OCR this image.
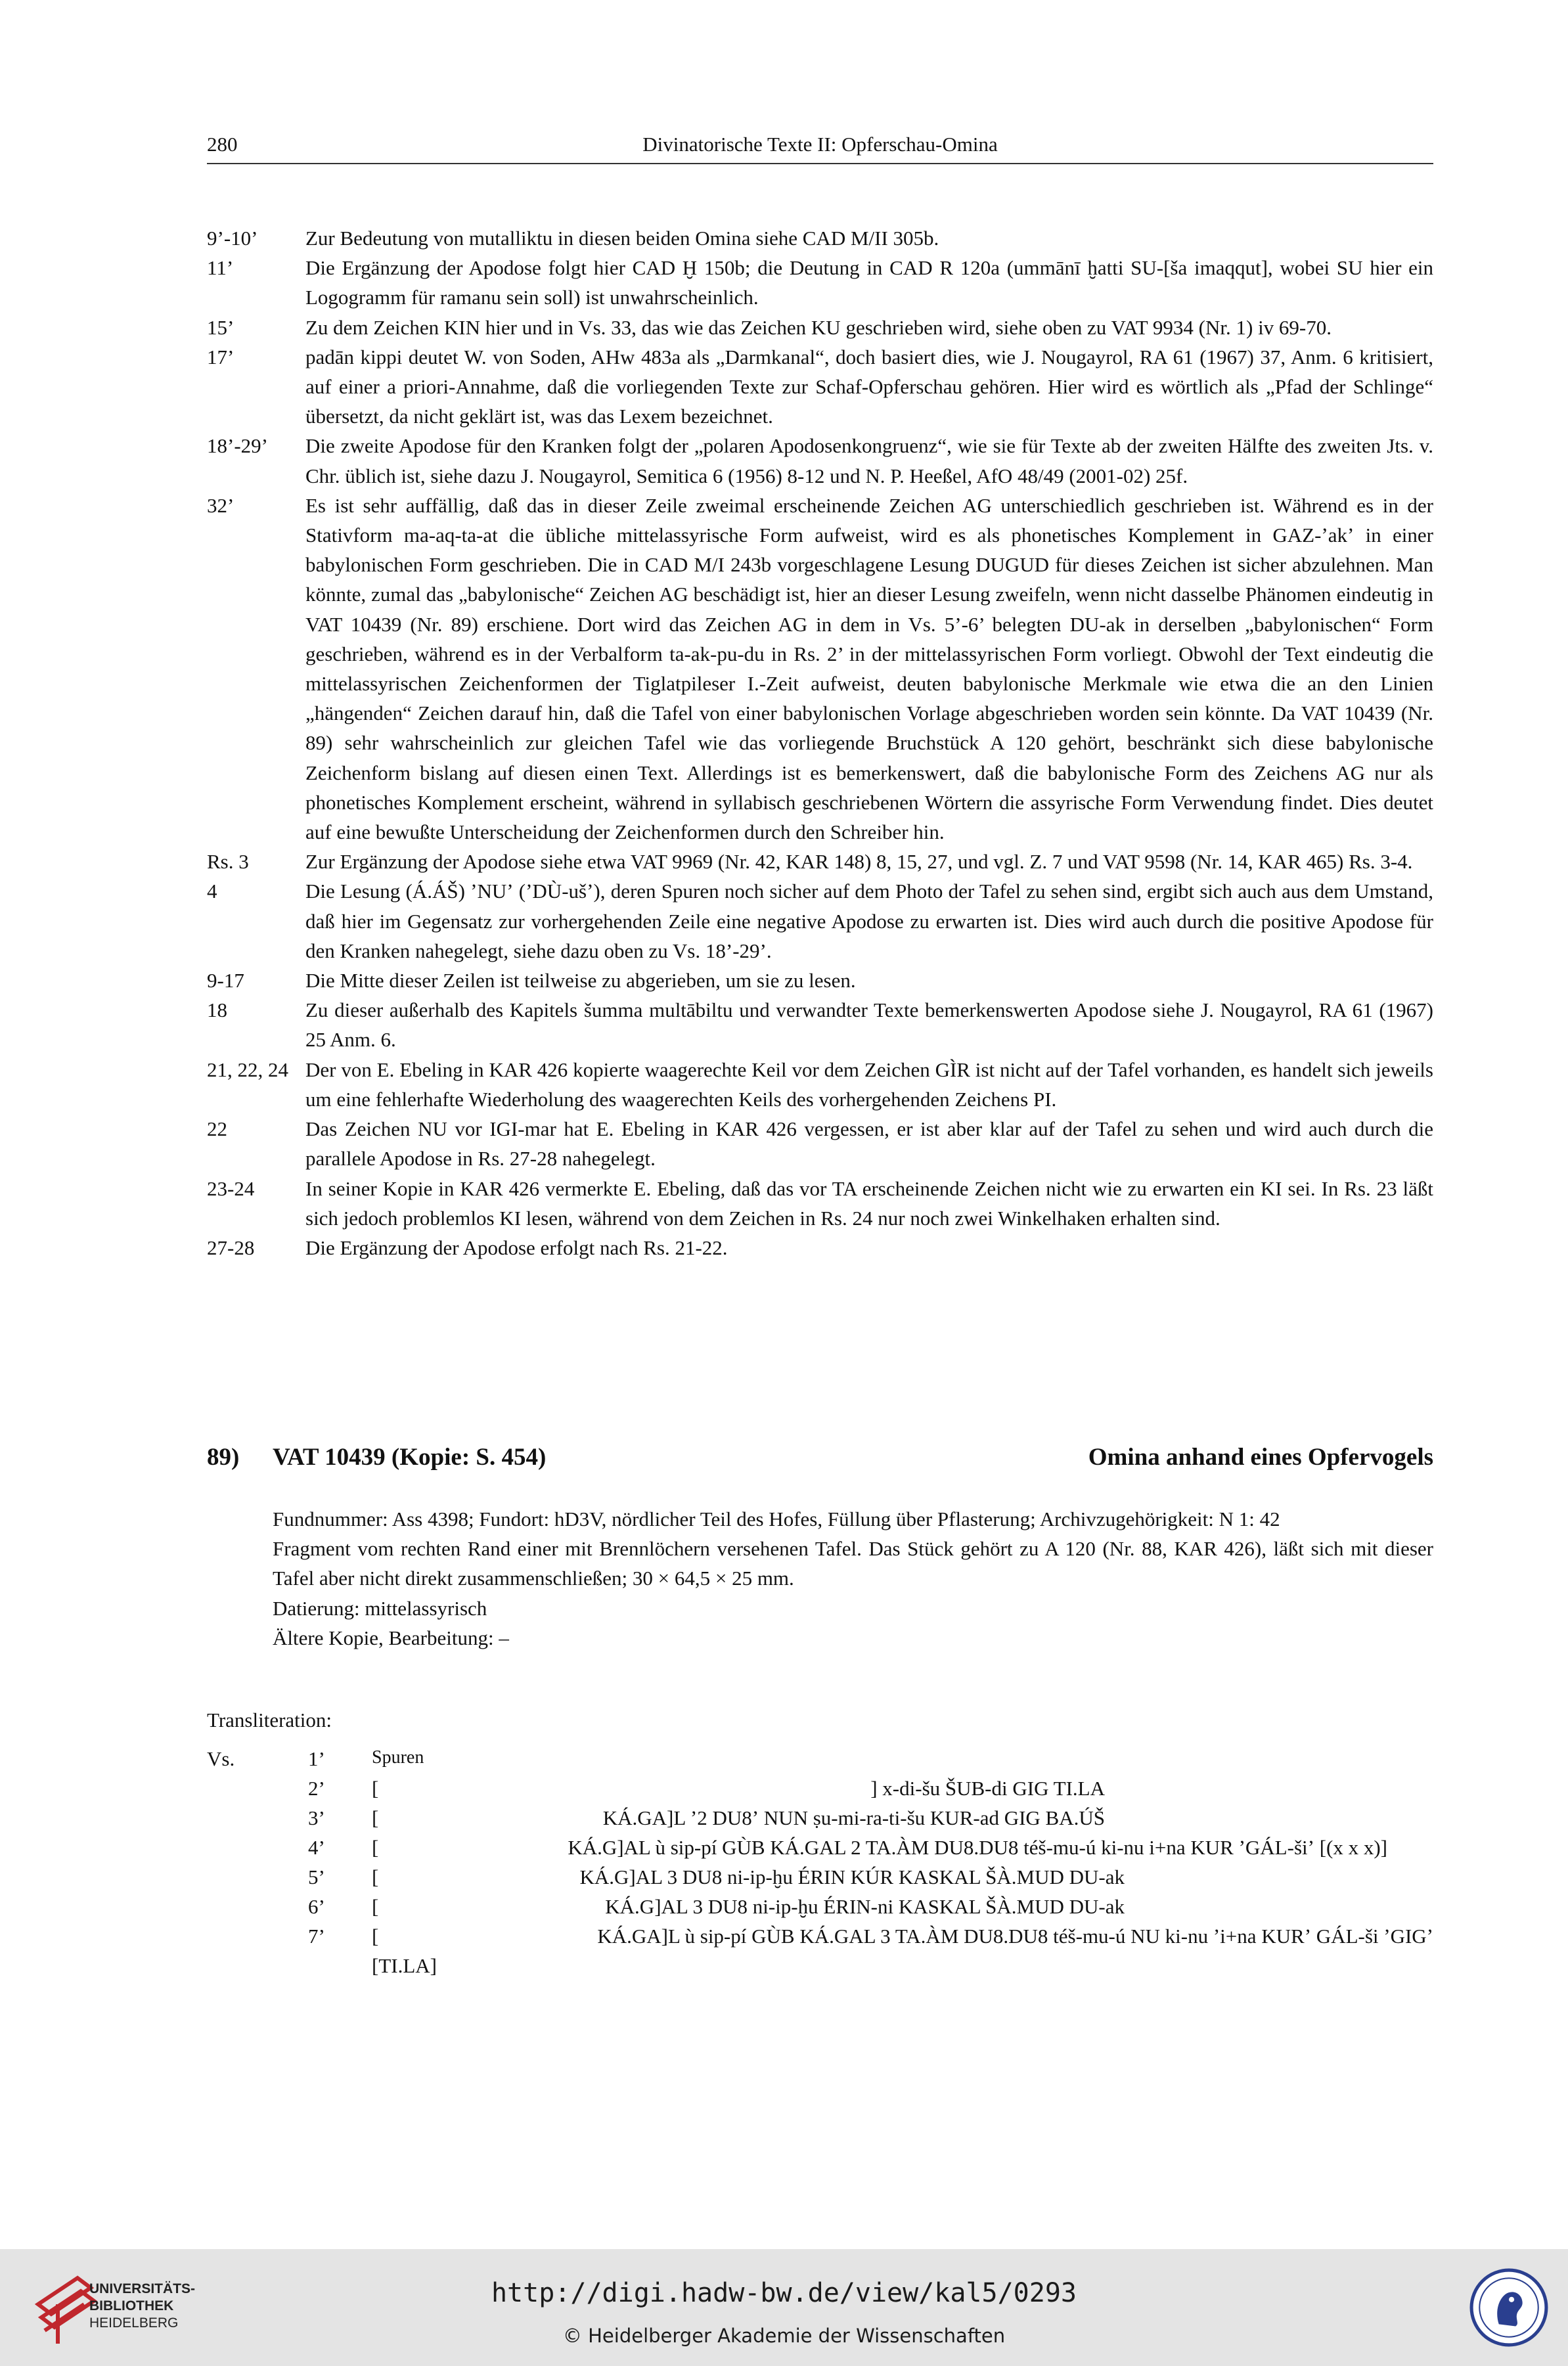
280	Divinatorische Texte II: Opferschau-Omina
9’-10’ Zur Bedeutung von mutalliktu in diesen beiden Omina siehe CAD M/II 305b.
11’	Die Ergänzung der Apodose folgt hier CAD Ḫ 150b; die Deutung in CAD R 120a (ummānī ḫatti SU-[ša imaqqut], wobei SU hier ein Logogramm für ramanu sein soll) ist unwahrscheinlich.
15’	Zu dem Zeichen KIN hier und in Vs. 33, das wie das Zeichen KU geschrieben wird, siehe oben zu VAT 9934 (Nr. 1) iv 69-70.
17’	padān kippi deutet W. von Soden, AHw 483a als „Darmkanal“, doch basiert dies, wie J. Nougayrol, RA 61 (1967) 37, Anm. 6 kritisiert, auf einer a priori-Annahme, daß die vorliegenden Texte zur Schaf-Opferschau gehören. Hier wird es wörtlich als „Pfad der Schlinge“ übersetzt, da nicht geklärt ist, was das Lexem bezeichnet.
18’-29’ Die zweite Apodose für den Kranken folgt der „polaren Apodosenkongruenz“, wie sie für Texte ab der zweiten Hälfte des zweiten Jts. v. Chr. üblich ist, siehe dazu J. Nougayrol, Semitica 6 (1956) 8-12 und N. P. Heeßel, AfO 48/49 (2001-02) 25f.
32’	Es ist sehr auffällig, daß das in dieser Zeile zweimal erscheinende Zeichen AG unterschiedlich geschrieben ist. Während es in der Stativform ma-aq-ta-at die übliche mittelassyrische Form aufweist, wird es als phonetisches Komplement in GAZ-ʼakʼ in einer babylonischen Form geschrieben. Die in CAD M/I 243b vorgeschlagene Lesung DUGUD für dieses Zeichen ist sicher abzulehnen. Man könnte, zumal das „babylonische“ Zeichen AG beschädigt ist, hier an dieser Lesung zweifeln, wenn nicht dasselbe Phänomen eindeutig in VAT 10439 (Nr. 89) erschiene. Dort wird das Zeichen AG in dem in Vs. 5’-6’ belegten DU-ak in derselben „babylonischen“ Form geschrieben, während es in der Verbalform ta-ak-pu-du in Rs. 2’ in der mittelassyrischen Form vorliegt. Obwohl der Text eindeutig die mittelassyrischen Zeichenformen der Tiglatpileser I.-Zeit aufweist, deuten babylonische Merkmale wie etwa die an den Linien „hängenden“ Zeichen darauf hin, daß die Tafel von einer babylonischen Vorlage abgeschrieben worden sein könnte. Da VAT 10439 (Nr. 89) sehr wahrscheinlich zur gleichen Tafel wie das vorliegende Bruchstück A 120 gehört, beschränkt sich diese babylonische Zeichenform bislang auf diesen einen Text. Allerdings ist es bemerkenswert, daß die babylonische Form des Zeichens AG nur als phonetisches Komplement erscheint, während in syllabisch geschriebenen Wörtern die assyrische Form Verwendung findet. Dies deutet auf eine bewußte Unterscheidung der Zeichenformen durch den Schreiber hin.
Rs. 3	Zur Ergänzung der Apodose siehe etwa VAT 9969 (Nr. 42, KAR 148) 8, 15, 27, und vgl. Z. 7 und VAT 9598 (Nr. 14, KAR 465) Rs. 3-4.
4	Die Lesung (Á.ÁŠ) ʼNUʼ (ʼDÙ-ušʼ), deren Spuren noch sicher auf dem Photo der Tafel zu sehen sind, ergibt sich auch aus dem Umstand, daß hier im Gegensatz zur vorhergehenden Zeile eine negative Apodose zu erwarten ist. Dies wird auch durch die positive Apodose für den Kranken nahegelegt, siehe dazu oben zu Vs. 18’-29’.
9-17	Die Mitte dieser Zeilen ist teilweise zu abgerieben, um sie zu lesen.
18	Zu dieser außerhalb des Kapitels šumma multābiltu und verwandter Texte bemerkenswerten Apodose siehe J. Nougayrol, RA 61 (1967) 25 Anm. 6.
21, 22, 24 Der von E. Ebeling in KAR 426 kopierte waagerechte Keil vor dem Zeichen GÌR ist nicht auf der Tafel vorhanden, es handelt sich jeweils um eine fehlerhafte Wiederholung des waagerechten Keils des vorhergehenden Zeichens PI.
22	Das Zeichen NU vor IGI-mar hat E. Ebeling in KAR 426 vergessen, er ist aber klar auf der Tafel zu sehen und wird auch durch die parallele Apodose in Rs. 27-28 nahegelegt.
23-24	In seiner Kopie in KAR 426 vermerkte E. Ebeling, daß das vor TA erscheinende Zeichen nicht wie zu erwarten ein KI sei. In Rs. 23 läßt sich jedoch problemlos KI lesen, während von dem Zeichen in Rs. 24 nur noch zwei Winkelhaken erhalten sind.
27-28	Die Ergänzung der Apodose erfolgt nach Rs. 21-22.
89) VAT 10439 (Kopie: S. 454)	Omina anhand eines Opfervogels
Fundnummer: Ass 4398; Fundort: hD3V, nördlicher Teil des Hofes, Füllung über Pflasterung; Archivzugehörigkeit: N 1: 42
Fragment vom rechten Rand einer mit Brennlöchern versehenen Tafel. Das Stück gehört zu A 120 (Nr. 88, KAR 426), läßt sich mit dieser Tafel aber nicht direkt zusammenschließen; 30 × 64,5 × 25 mm.
Datierung: mittelassyrisch
Ältere Kopie, Bearbeitung: –
Transliteration:
Vs.	1’	Spuren
2’ [	] x-di-šu ŠUB-di GIG TI.LA
3’ [	KÁ.GA]L ʼ2 DU8ʼ NUN ṣu-mi-ra-ti-šu KUR-ad GIG BA.ÚŠ
4’ [	KÁ.G]AL ù sip-pí GÙB KÁ.GAL 2 TA.ÀM DU8.DU8 téš-mu-ú ki-nu i+na KUR ʼGÁL-šiʼ [(x x x)]
5’ [	KÁ.G]AL 3 DU8 ni-ip-ḫu ÉRIN KÚR KASKAL ŠÀ.MUD DU-ak
6’ [	KÁ.G]AL 3 DU8 ni-ip-ḫu ÉRIN-ni KASKAL ŠÀ.MUD DU-ak
7’ [	KÁ.GA]L ù sip-pí GÙB KÁ.GAL 3 TA.ÀM DU8.DU8 téš-mu-ú NU ki-nu ʼi+na KURʼ GÁL-ši ʼGIGʼ
[TI.LA]
UNIVERSITÄTS-
BIBLIOTHEK
HEIDELBERG
http://digi.hadw-bw.de/view/kal5/0293
© Heidelberger Akademie der Wissenschaften
